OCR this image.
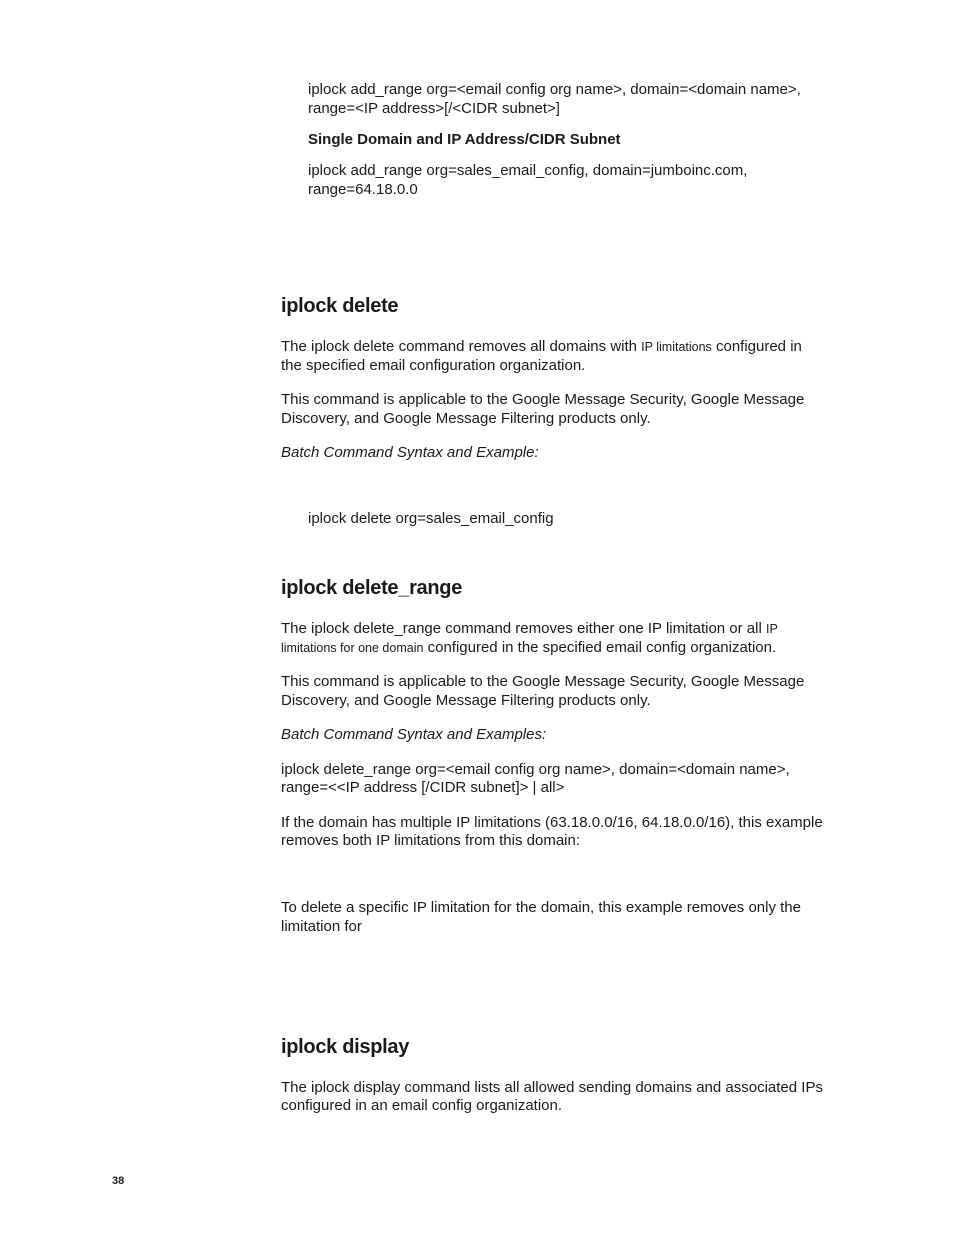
iplock add_range org=<email config org name>, domain=<domain name>,

range=<IP address>[/<CIDR subnet>]

Single Domain and IP Address/CIDR Subnet

iplock add_range org=sales_email_config, domain=jumboinc.com,

range=64.18.0.0

iplock delete

The iplock delete command removes all domains with IP limitations configured in

the specified email configuration organization.

This command is applicable to the Google Message Security, Google Message

Discovery, and Google Message Filtering products only.

Batch Command Syntax and Example:

iplock delete org=sales_email_config

iplock delete_range

The iplock delete_range command removes either one IP limitation or all IP

limitations for one domain configured in the specified email config organization.

This command is applicable to the Google Message Security, Google Message

Discovery, and Google Message Filtering products only.

Batch Command Syntax and Examples:

iplock delete_range org=<email config org name>, domain=<domain name>,

range=<<IP address [/CIDR subnet]> | all>

If the domain has multiple IP limitations (63.18.0.0/16, 64.18.0.0/16), this example

removes both IP limitations from this domain:

To delete a specific IP limitation for the domain, this example removes only the

limitation for

iplock display

The iplock display command lists all allowed sending domains and associated IPs

configured in an email config organization.

38
